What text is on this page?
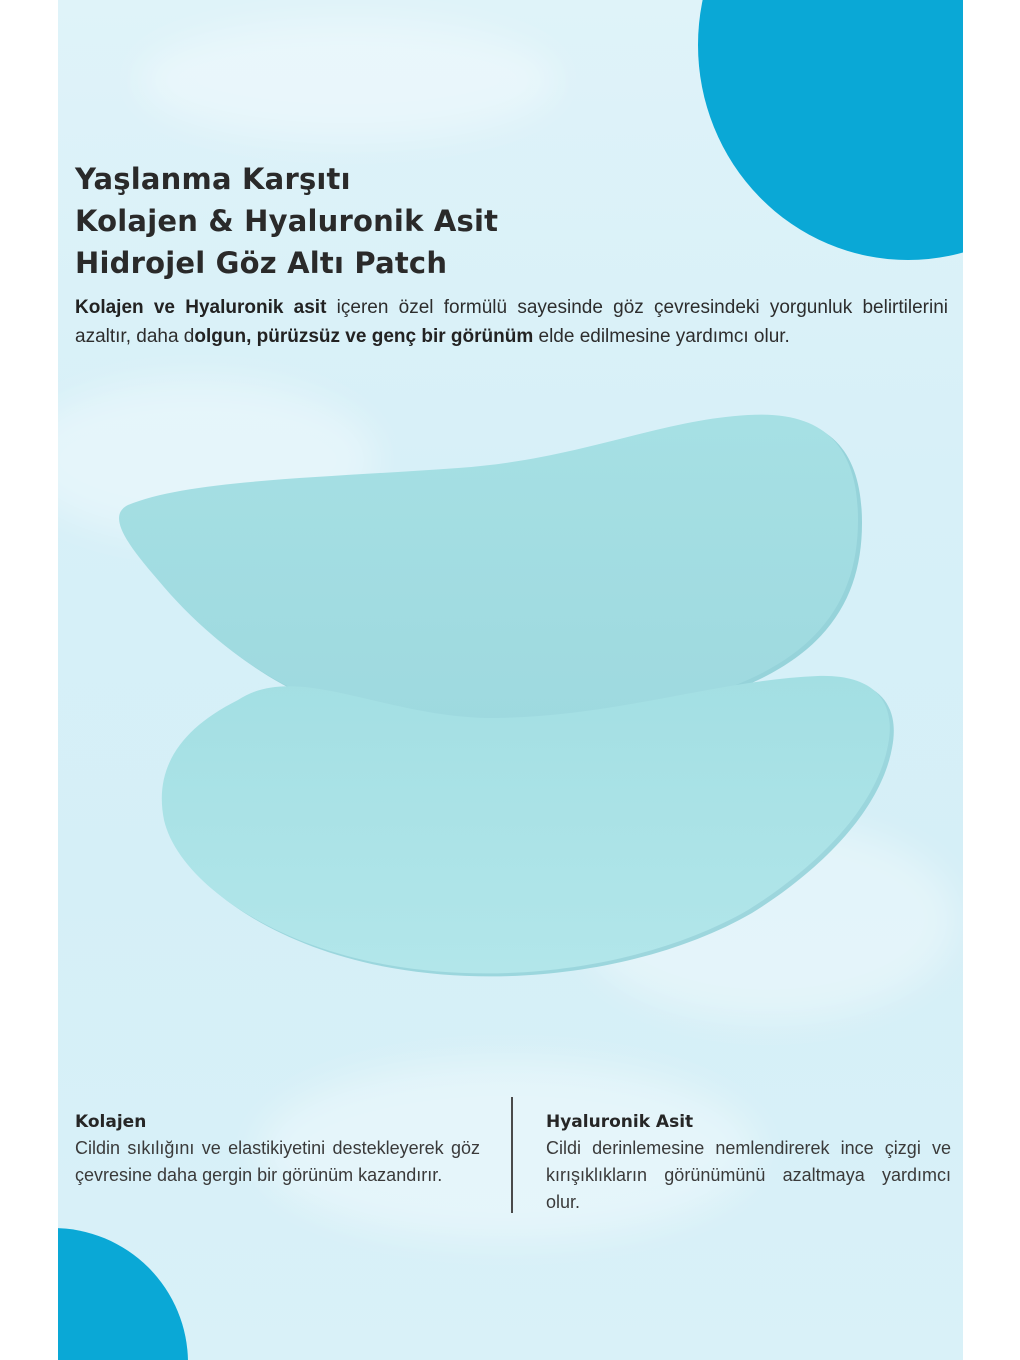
Yaşlanma Karşıtı
Kolajen & Hyaluronik Asit
Hidrojel Göz Altı Patch

Kolajen ve Hyaluronik asit içeren özel formülü sayesinde göz çevresindeki yorgunluk belirtilerini azaltır, daha dolgun, pürüzsüz ve genç bir görünüm elde edilmesine yardımcı olur.

Kolajen

Cildin sıkılığını ve elastikiyetini destekleyerek göz çevresine daha gergin bir görünüm kazandırır.

Hyaluronik Asit

Cildi derinlemesine nemlendirerek ince çizgi ve kırışıklıkların görünümünü azaltmaya yardımcı olur.
